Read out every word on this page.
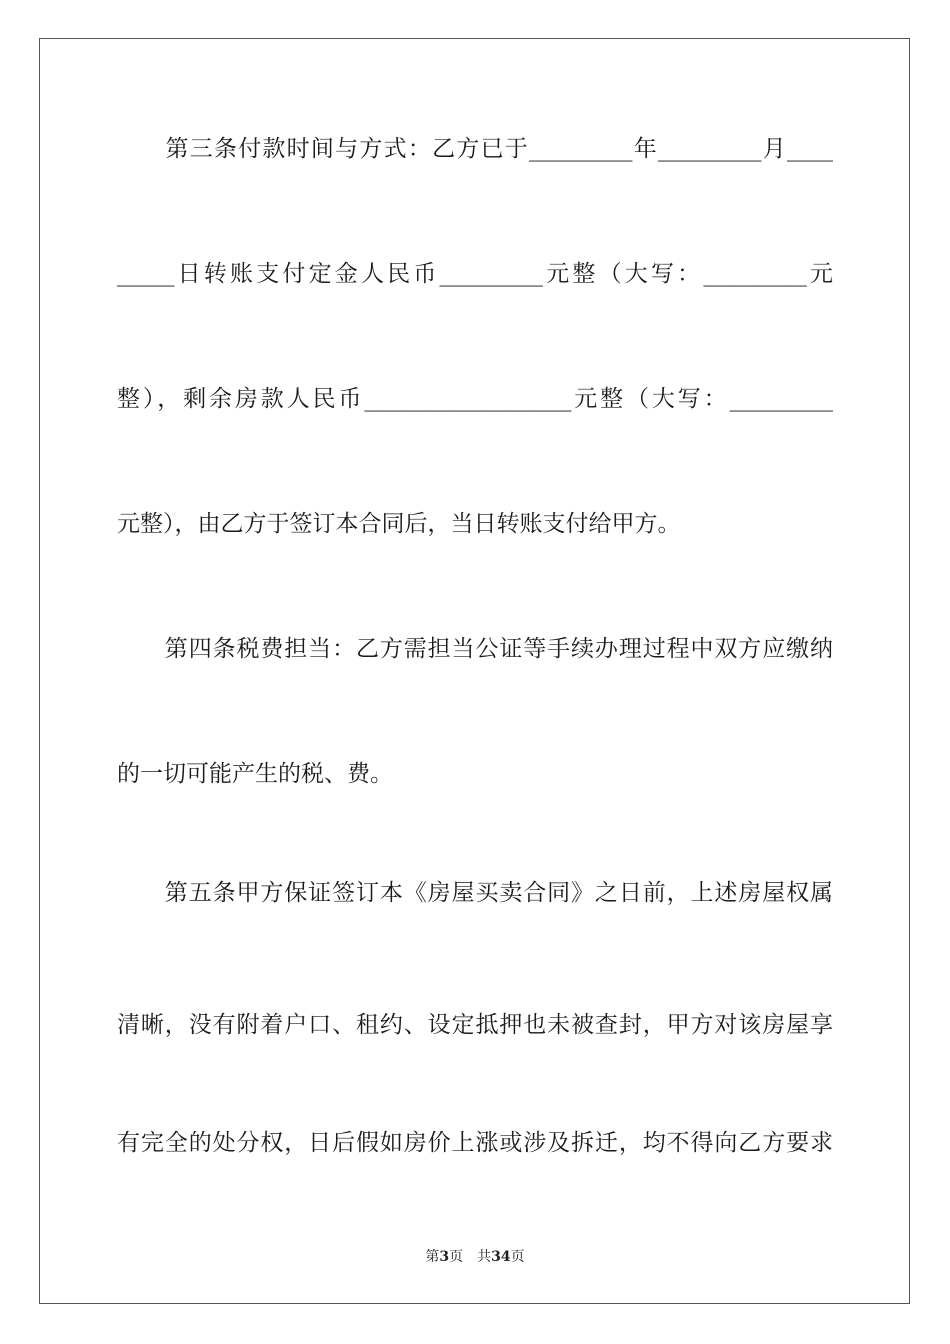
　　第三条付款时间与方式：乙方已于_________年_________月____
_____日转账支付定金人民币_________元整（大写：_________元
整），剩余房款人民币__________________元整（大写：_________
元整），由乙方于签订本合同后，当日转账支付给甲方。
　　第四条税费担当：乙方需担当公证等手续办理过程中双方应缴纳
的一切可能产生的税、费。
　　第五条甲方保证签订本《房屋买卖合同》之日前，上述房屋权属
清晰，没有附着户口、租约、设定抵押也未被查封，甲方对该房屋享
有完全的处分权，日后假如房价上涨或涉及拆迁，均不得向乙方要求
第3页 共34页
